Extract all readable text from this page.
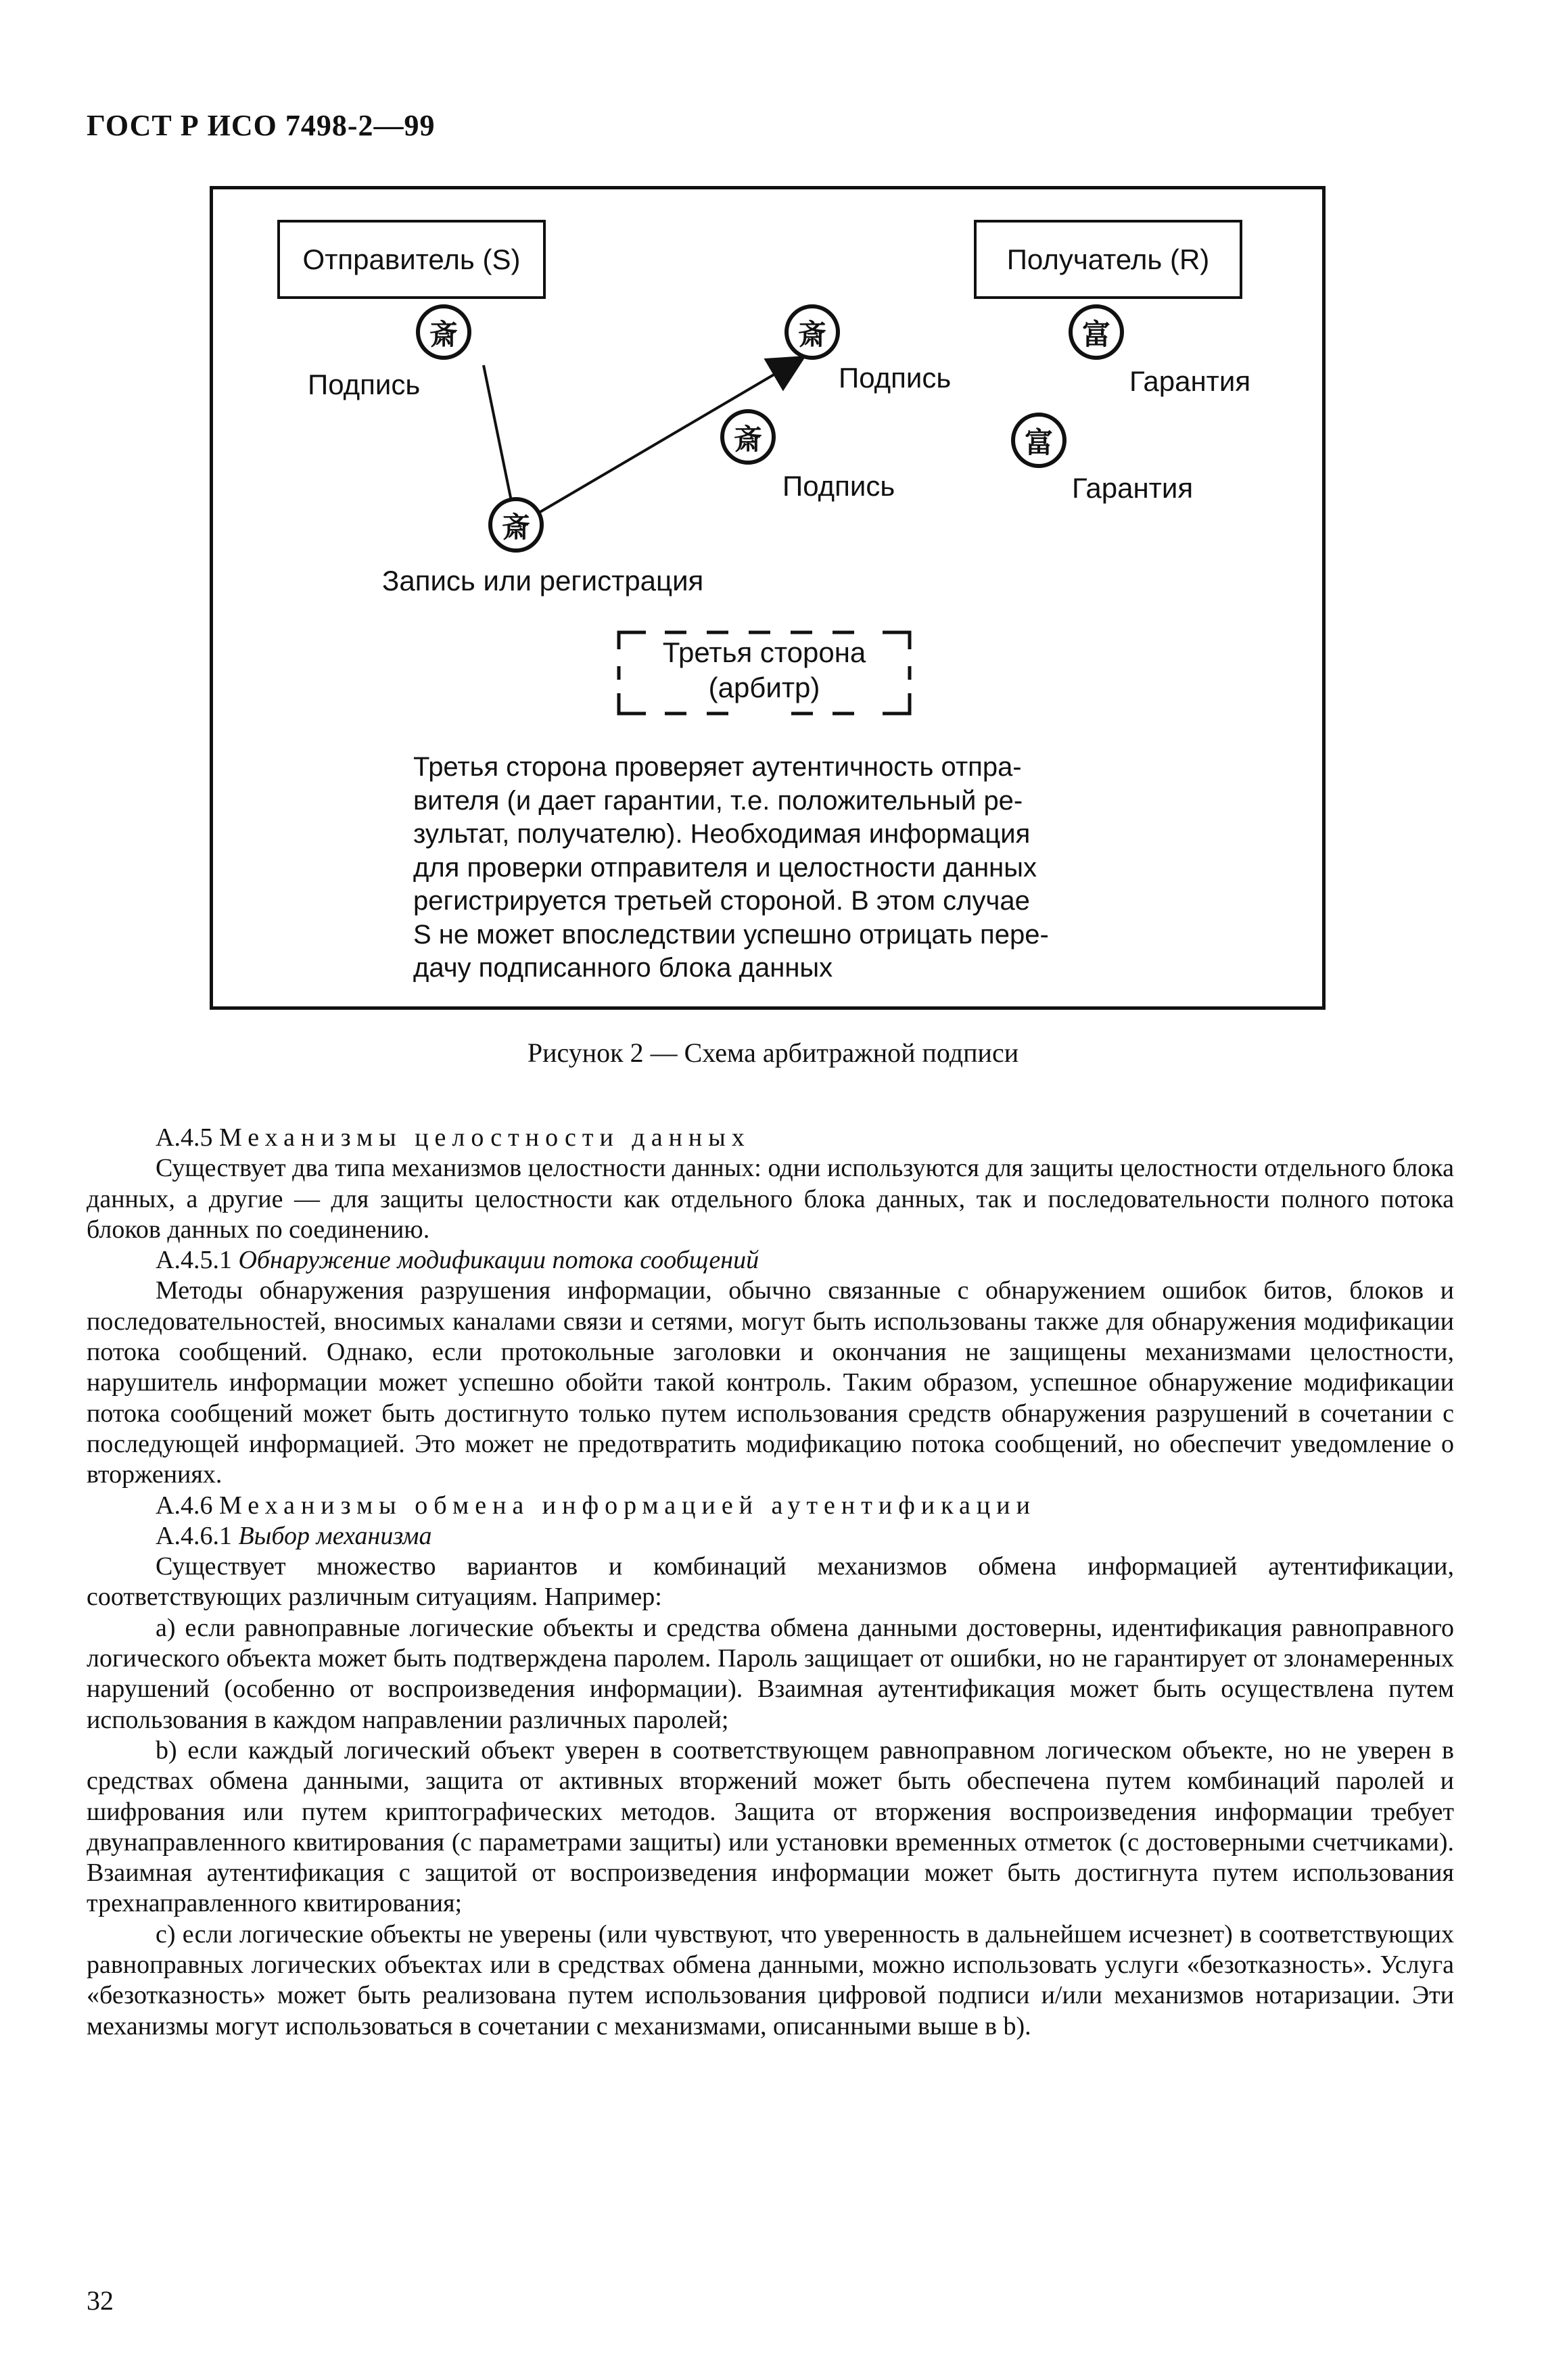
ГОСТ Р ИСО 7498-2—99
Отправитель (S)	Получатель (R)
斎
Подпись
斎
Подпись
斎
Подпись
富
Гарантия
富
Гарантия
斎
Запись или регистрация
Третья сторона
(арбитр)
Третья сторона проверяет аутентичность отпра-
вителя (и дает гарантии, т.е. положительный ре-
зультат, получателю). Необходимая информация
для проверки отправителя и целостности данных
регистрируется третьей стороной. В этом случае
S не может впоследствии успешно отрицать пере-
дачу подписанного блока данных
Рисунок 2 — Схема арбитражной подписи

А.4.5 Механизмы целостности данных

Существует два типа механизмов целостности данных: одни используются для защиты целостности отдельного блока данных, а другие — для защиты целостности как отдельного блока данных, так и последовательности полного потока блоков данных по соединению.

А.4.5.1 Обнаружение модификации потока сообщений

Методы обнаружения разрушения информации, обычно связанные с обнаружением ошибок битов, блоков и последовательностей, вносимых каналами связи и сетями, могут быть использованы также для обнаружения модификации потока сообщений. Однако, если протокольные заголовки и окончания не защищены механизмами целостности, нарушитель информации может успешно обойти такой контроль. Таким образом, успешное обнаружение модификации потока сообщений может быть достигнуто только путем использования средств обнаружения разрушений в сочетании с последующей информацией. Это может не предотвратить модификацию потока сообщений, но обеспечит уведомление о вторжениях.

А.4.6 Механизмы обмена информацией аутентификации

А.4.6.1 Выбор механизма

Существует множество вариантов и комбинаций механизмов обмена информацией аутентификации, соответствующих различным ситуациям. Например:

a) если равноправные логические объекты и средства обмена данными достоверны, идентификация равноправного логического объекта может быть подтверждена паролем. Пароль защищает от ошибки, но не гарантирует от злонамеренных нарушений (особенно от воспроизведения информации). Взаимная аутентификация может быть осуществлена путем использования в каждом направлении различных паролей;

b) если каждый логический объект уверен в соответствующем равноправном логическом объекте, но не уверен в средствах обмена данными, защита от активных вторжений может быть обеспечена путем комбинаций паролей и шифрования или путем криптографических методов. Защита от вторжения воспроизведения информации требует двунаправленного квитирования (с параметрами защиты) или установки временных отметок (с достоверными счетчиками). Взаимная аутентификация с защитой от воспроизведения информации может быть достигнута путем использования трехнаправленного квитирования;

c) если логические объекты не уверены (или чувствуют, что уверенность в дальнейшем исчезнет) в соответствующих равноправных логических объектах или в средствах обмена данными, можно использовать услуги «безотказность». Услуга «безотказность» может быть реализована путем использования цифровой подписи и/или механизмов нотаризации. Эти механизмы могут использоваться в сочетании с механизмами, описанными выше в b).

32
